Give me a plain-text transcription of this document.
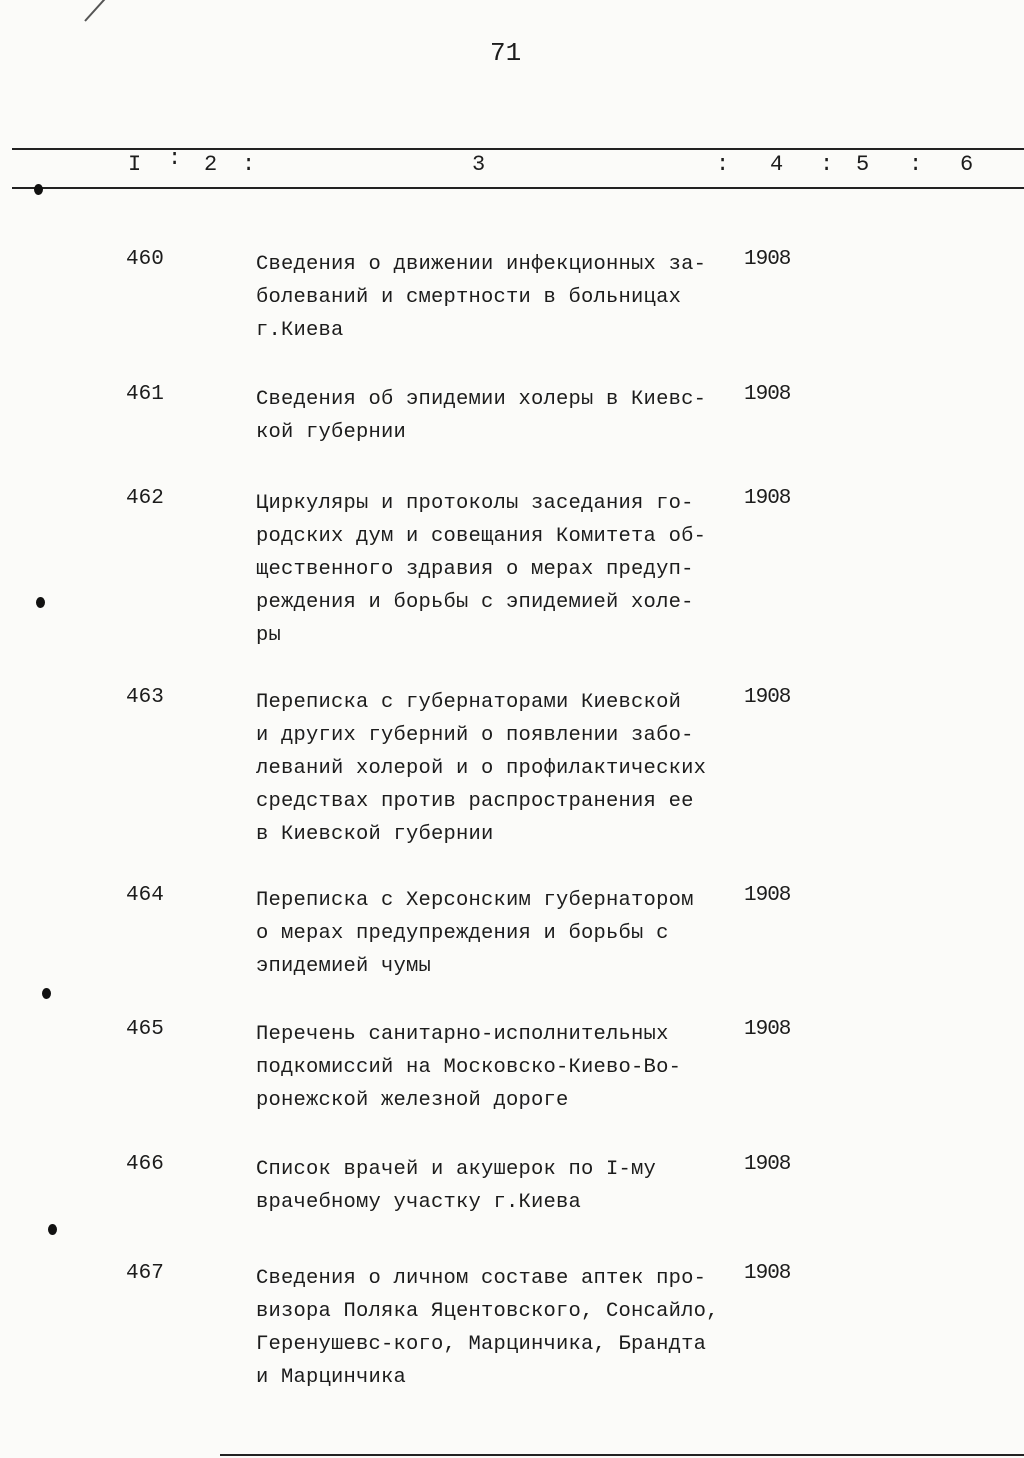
71
I : 2 :	3	: 4 : 5 : 6
460	Сведения о движении инфекционных за-
болеваний и смертности в больницах
г.Киева
1908
461	Сведения об эпидемии холеры в Киевс-
кой губернии
1908
462	Циркуляры и протоколы заседания го-
родских дум и совещания Комитета об-
щественного здравия о мерах предуп-
реждения и борьбы с эпидемией холе-
ры
1908
463	Переписка с губернаторами Киевской
и других губерний о появлении забо-
леваний холерой и о профилактических
средствах против распространения ее
в Киевской губернии
1908
464	Переписка с Херсонским губернатором
о мерах предупреждения и борьбы с
эпидемией чумы
1908
465	Перечень санитарно-исполнительных
подкомиссий на Московско-Киево-Во-
ронежской железной дороге
1908
466	Список врачей и акушерок по I-му
врачебному участку г.Киева
1908
467	Сведения о личном составе аптек про-
визора Поляка Яцентовского, Сонсайло,
Геренушевс-кого, Марцинчика, Брандта
и Марцинчика
1908
